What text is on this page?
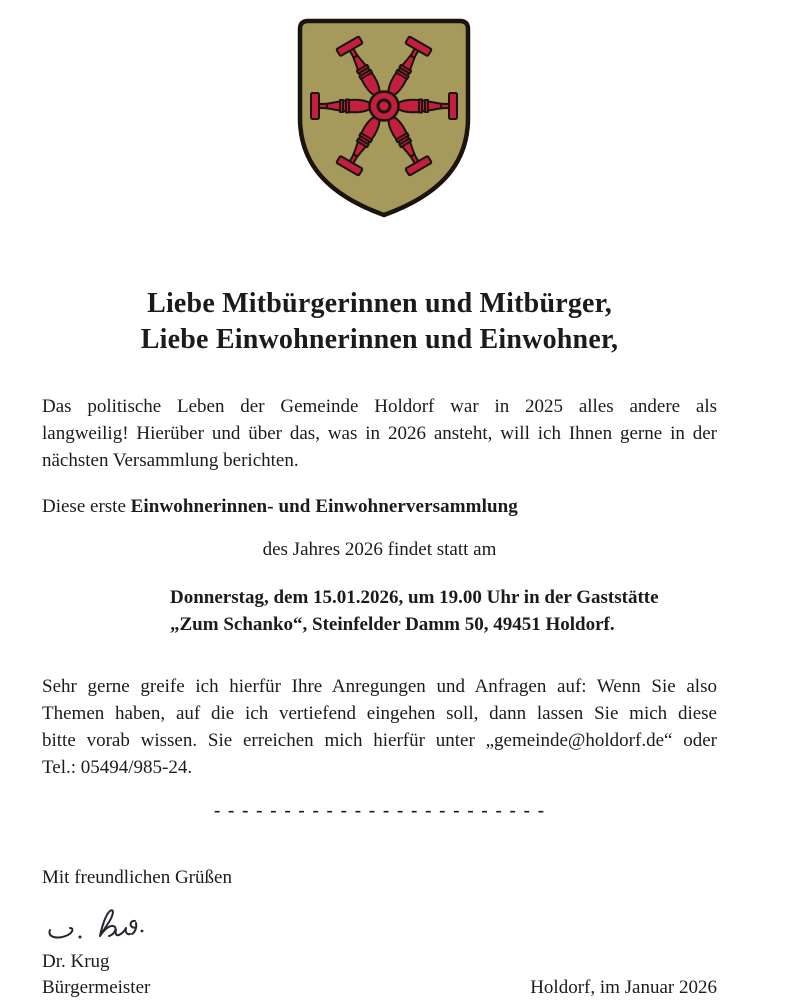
Liebe Mitbürgerinnen und Mitbürger,
Liebe Einwohnerinnen und Einwohner,

Das politische Leben der Gemeinde Holdorf war in 2025 alles andere als
langweilig! Hierüber und über das, was in 2026 ansteht, will ich Ihnen gerne in der
nächsten Versammlung berichten.

Diese erste Einwohnerinnen- und Einwohnerversammlung

des Jahres 2026 findet statt am

Donnerstag, dem 15.01.2026, um 19.00 Uhr in der Gaststätte
„Zum Schanko“, Steinfelder Damm 50, 49451 Holdorf.

Sehr gerne greife ich hierfür Ihre Anregungen und Anfragen auf: Wenn Sie also
Themen haben, auf die ich vertiefend eingehen soll, dann lassen Sie mich diese
bitte vorab wissen. Sie erreichen mich hierfür unter „gemeinde@holdorf.de“ oder
Tel.: 05494/985-24.

- - - - - - - - - - - - - - - - - - - - - - - -

Mit freundlichen Grüßen

Dr. Krug
Bürgermeister	Holdorf, im Januar 2026
